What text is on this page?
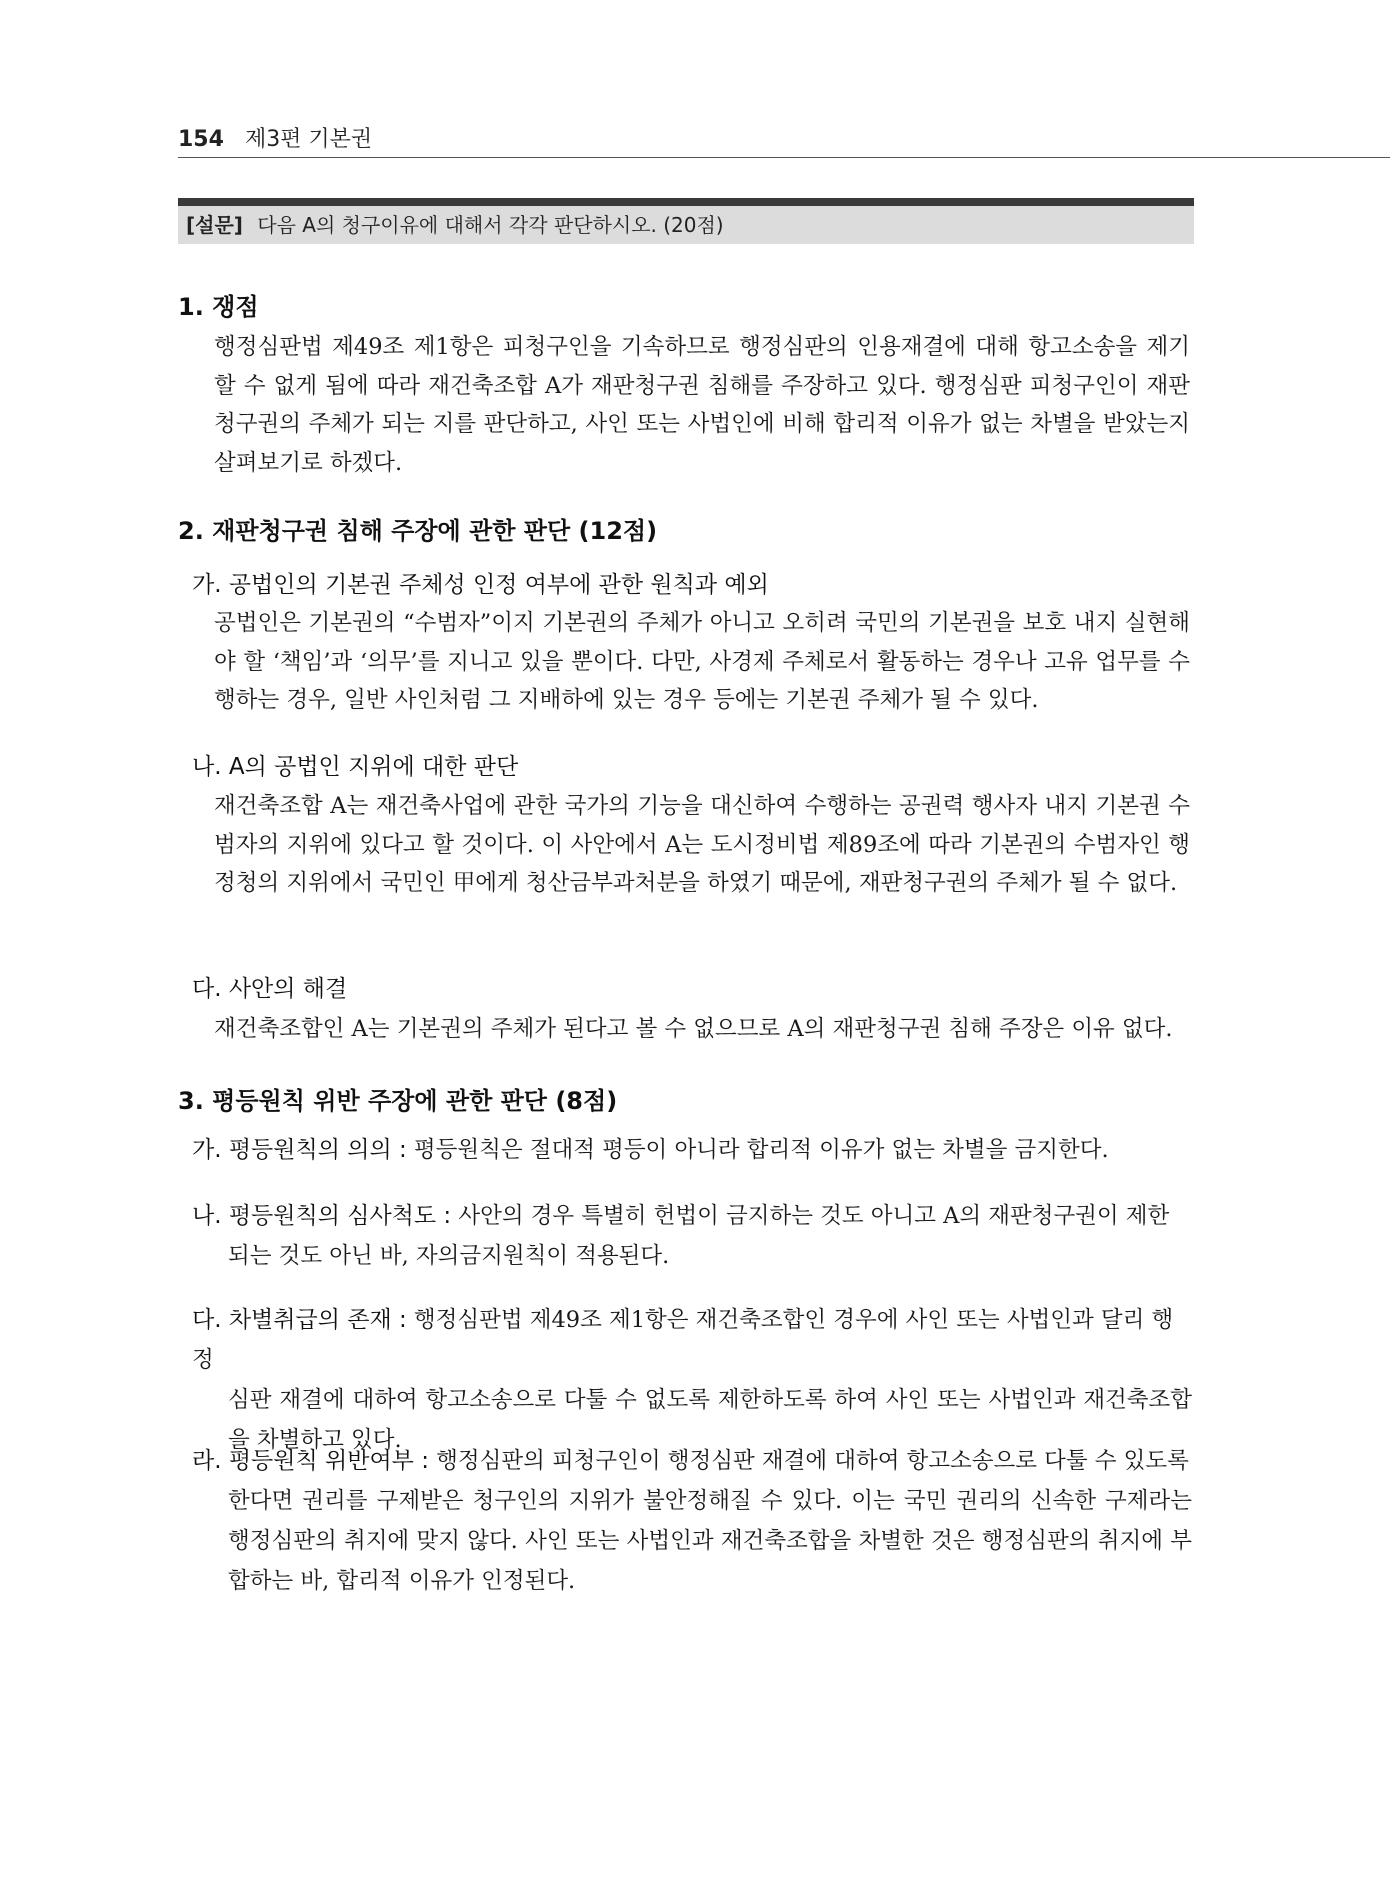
154 제3편 기본권
[설문] 다음 A의 청구이유에 대해서 각각 판단하시오. (20점)
1. 쟁점
행정심판법 제49조 제1항은 피청구인을 기속하므로 행정심판의 인용재결에 대해 항고소송을 제기할 수 없게 됨에 따라 재건축조합 A가 재판청구권 침해를 주장하고 있다. 행정심판 피청구인이 재판청구권의 주체가 되는 지를 판단하고, 사인 또는 사법인에 비해 합리적 이유가 없는 차별을 받았는지 살펴보기로 하겠다.
2. 재판청구권 침해 주장에 관한 판단 (12점)
가. 공법인의 기본권 주체성 인정 여부에 관한 원칙과 예외
공법인은 기본권의 “수범자”이지 기본권의 주체가 아니고 오히려 국민의 기본권을 보호 내지 실현해야 할 ‘책임’과 ‘의무’를 지니고 있을 뿐이다. 다만, 사경제 주체로서 활동하는 경우나 고유 업무를 수행하는 경우, 일반 사인처럼 그 지배하에 있는 경우 등에는 기본권 주체가 될 수 있다.
나. A의 공법인 지위에 대한 판단
재건축조합 A는 재건축사업에 관한 국가의 기능을 대신하여 수행하는 공권력 행사자 내지 기본권 수범자의 지위에 있다고 할 것이다. 이 사안에서 A는 도시정비법 제89조에 따라 기본권의 수범자인 행정청의 지위에서 국민인 甲에게 청산금부과처분을 하였기 때문에, 재판청구권의 주체가 될 수 없다.
다. 사안의 해결
재건축조합인 A는 기본권의 주체가 된다고 볼 수 없으므로 A의 재판청구권 침해 주장은 이유 없다.
3. 평등원칙 위반 주장에 관한 판단 (8점)
가. 평등원칙의 의의 : 평등원칙은 절대적 평등이 아니라 합리적 이유가 없는 차별을 금지한다.
나. 평등원칙의 심사척도 : 사안의 경우 특별히 헌법이 금지하는 것도 아니고 A의 재판청구권이 제한
되는 것도 아닌 바, 자의금지원칙이 적용된다.
다. 차별취급의 존재 : 행정심판법 제49조 제1항은 재건축조합인 경우에 사인 또는 사법인과 달리 행정
심판 재결에 대하여 항고소송으로 다툴 수 없도록 제한하도록 하여 사인 또는 사법인과 재건축조합을 차별하고 있다.
라. 평등원칙 위반여부 : 행정심판의 피청구인이 행정심판 재결에 대하여 항고소송으로 다툴 수 있도록
한다면 권리를 구제받은 청구인의 지위가 불안정해질 수 있다. 이는 국민 권리의 신속한 구제라는 행정심판의 취지에 맞지 않다. 사인 또는 사법인과 재건축조합을 차별한 것은 행정심판의 취지에 부합하는 바, 합리적 이유가 인정된다.
